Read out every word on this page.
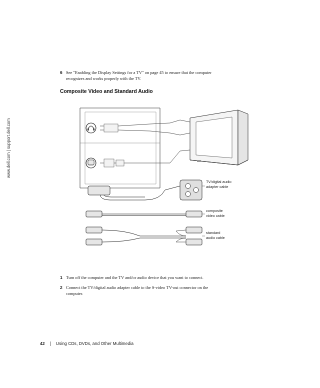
www.dell.com | support.dell.com
6 See "Enabling the Display Settings for a TV" on page 45 to ensure that the computer
recognizes and works properly with the TV.
Composite Video and Standard Audio
TV/digital audio
adapter cable
composite
video cable
standard
audio cable
1 Turn off the computer and the TV and/or audio device that you want to connect.
2 Connect the TV/digital audio adapter cable to the S-video TV-out connector on the
computer.
42 | Using CDs, DVDs, and Other Multimedia
